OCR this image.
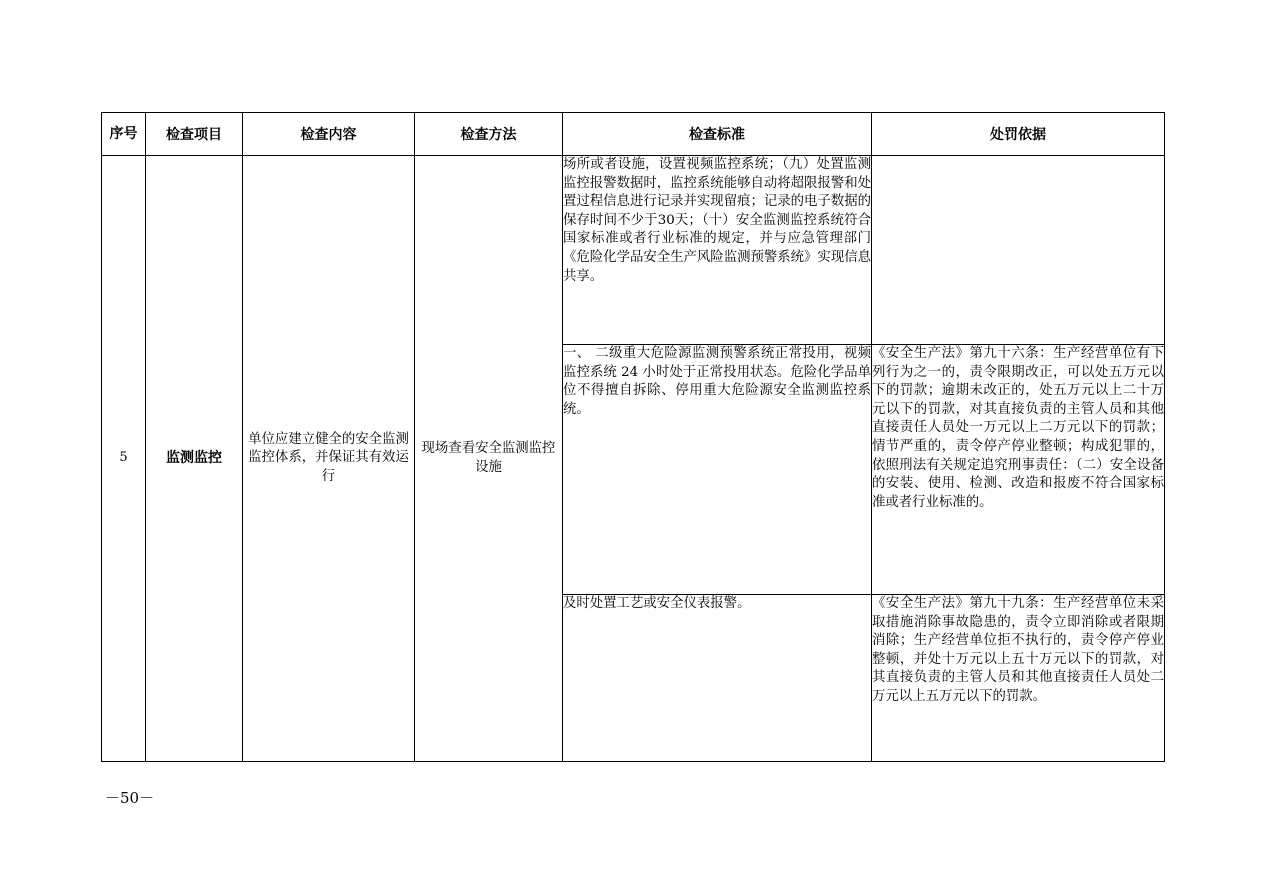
序号	检查项目	检查内容	检查方法	检查标准	处罚依据
5	监测监控	单位应建立健全的安全监测监控体系，并保证其有效运行	现场查看安全监测监控设施	场所或者设施，设置视频监控系统；（九）处置监测监控报警数据时，监控系统能够自动将超限报警和处置过程信息进行记录并实现留痕；记录的电子数据的保存时间不少于30天；（十）安全监测监控系统符合国家标准或者行业标准的规定，并与应急管理部门《危险化学品安全生产风险监测预警系统》实现信息共享。	
				一、 二级重大危险源监测预警系统正常投用，视频监控系统 24 小时处于正常投用状态。危险化学品单位不得擅自拆除、停用重大危险源安全监测监控系统。	《安全生产法》第九十六条：生产经营单位有下列行为之一的，责令限期改正，可以处五万元以下的罚款；逾期未改正的，处五万元以上二十万元以下的罚款，对其直接负责的主管人员和其他直接责任人员处一万元以上二万元以下的罚款；情节严重的，责令停产停业整顿；构成犯罪的，依照刑法有关规定追究刑事责任：（二）安全设备的安装、使用、检测、改造和报废不符合国家标准或者行业标准的。
				及时处置工艺或安全仪表报警。	《安全生产法》第九十九条：生产经营单位未采取措施消除事故隐患的，责令立即消除或者限期消除；生产经营单位拒不执行的，责令停产停业整顿，并处十万元以上五十万元以下的罚款，对其直接负责的主管人员和其他直接责任人员处二万元以上五万元以下的罚款。
－50－
